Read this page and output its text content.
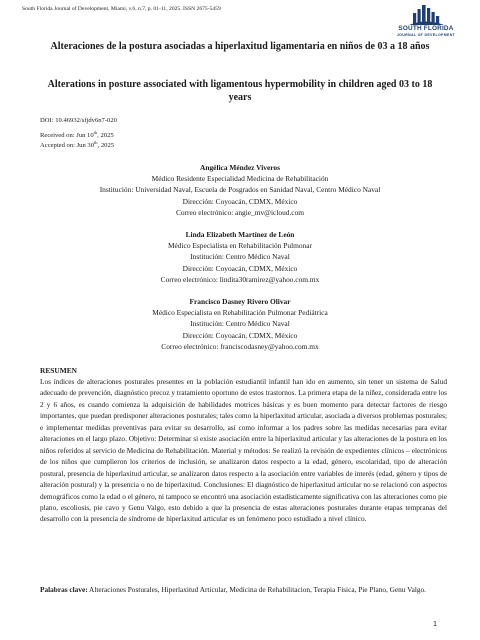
South Florida Journal of Development, Miami, v.6, n.7, p. 01-11, 2025. ISSN 2675-5459
SOUTH FLORIDA
JOURNAL OF DEVELOPMENT
Alteraciones de la postura asociadas a hiperlaxitud ligamentaria en niños de 03 a 18 años
Alterations in posture associated with ligamentous hypermobility in children aged 03 to 18 years
DOI: 10.46932/sfjdv6n7-020
Received on: Jun 10th, 2025
Accepted on: Jun 30th, 2025
Angélica Méndez Viveros
Médico Residente Especialidad Medicina de Rehabilitación
Institución: Universidad Naval, Escuela de Posgrados en Sanidad Naval, Centro Médico Naval
Dirección: Coyoacán, CDMX, México
Correo electrónico: angie_mv@icloud.com
Linda Elizabeth Martínez de León
Médico Especialista en Rehabilitación Pulmonar
Institución: Centro Médico Naval
Dirección: Coyoacán, CDMX, México
Correo electrónico: lindita30ramirez@yahoo.com.mx
Francisco Dasney Rivero Olivar
Médico Especialista en Rehabilitación Pulmonar Pediátrica
Institución: Centro Médico Naval
Dirección: Coyoacán, CDMX, México
Correo electrónico: franciscodasney@yahoo.com.mx
RESUMEN

Los índices de alteraciones posturales presentes en la población estudiantil infantil han ido en aumento, sin tener un sistema de Salud adecuado de prevención, diagnóstico precoz y tratamiento oportuno de estos trastornos. La primera etapa de la niñez, considerada entre los 2 y 6 años, es cuando comienza la adquisición de habilidades motrices básicas y es buen momento para detectar factores de riesgo importantes, que puedan predisponer alteraciones posturales; tales como la hiperlaxitud articular, asociada a diversos problemas posturales; e implementar medidas preventivas para evitar su desarrollo, así como informar a los padres sobre las medidas necesarias para evitar alteraciones en el largo plazo. Objetivo: Determinar si existe asociación entre la hiperlaxitud articular y las alteraciones de la postura en los niños referidos al servicio de Medicina de Rehabilitación. Material y métodos: Se realizó la revisión de expedientes clínicos – electrónicos de los niños que cumplieron los criterios de inclusión, se analizaron datos respecto a la edad, género, escolaridad, tipo de alteración postural, presencia de hiperlaxitud articular, se analizaron datos respecto a la asociación entre variables de interés (edad, género y tipos de alteración postural) y la presencia o no de hiperlaxitud. Conclusiones: El diagnóstico de hiperlaxitud articular no se relacionó con aspectos demográficos como la edad o el género, ni tampoco se encontró una asociación estadísticamente significativa con las alteraciones como pie plano, escoliosis, pie cavo y Genu Valgo, esto debido a que la presencia de estas alteraciones posturales durante etapas tempranas del desarrollo con la presencia de síndrome de hiperlaxitud articular es un fenómeno poco estudiado a nivel clínico.

Palabras clave: Alteraciones Posturales, Hiperlaxitud Articular, Medicina de Rehabilitacion, Terapia Física, Pie Plano, Genu Valgo.

1
